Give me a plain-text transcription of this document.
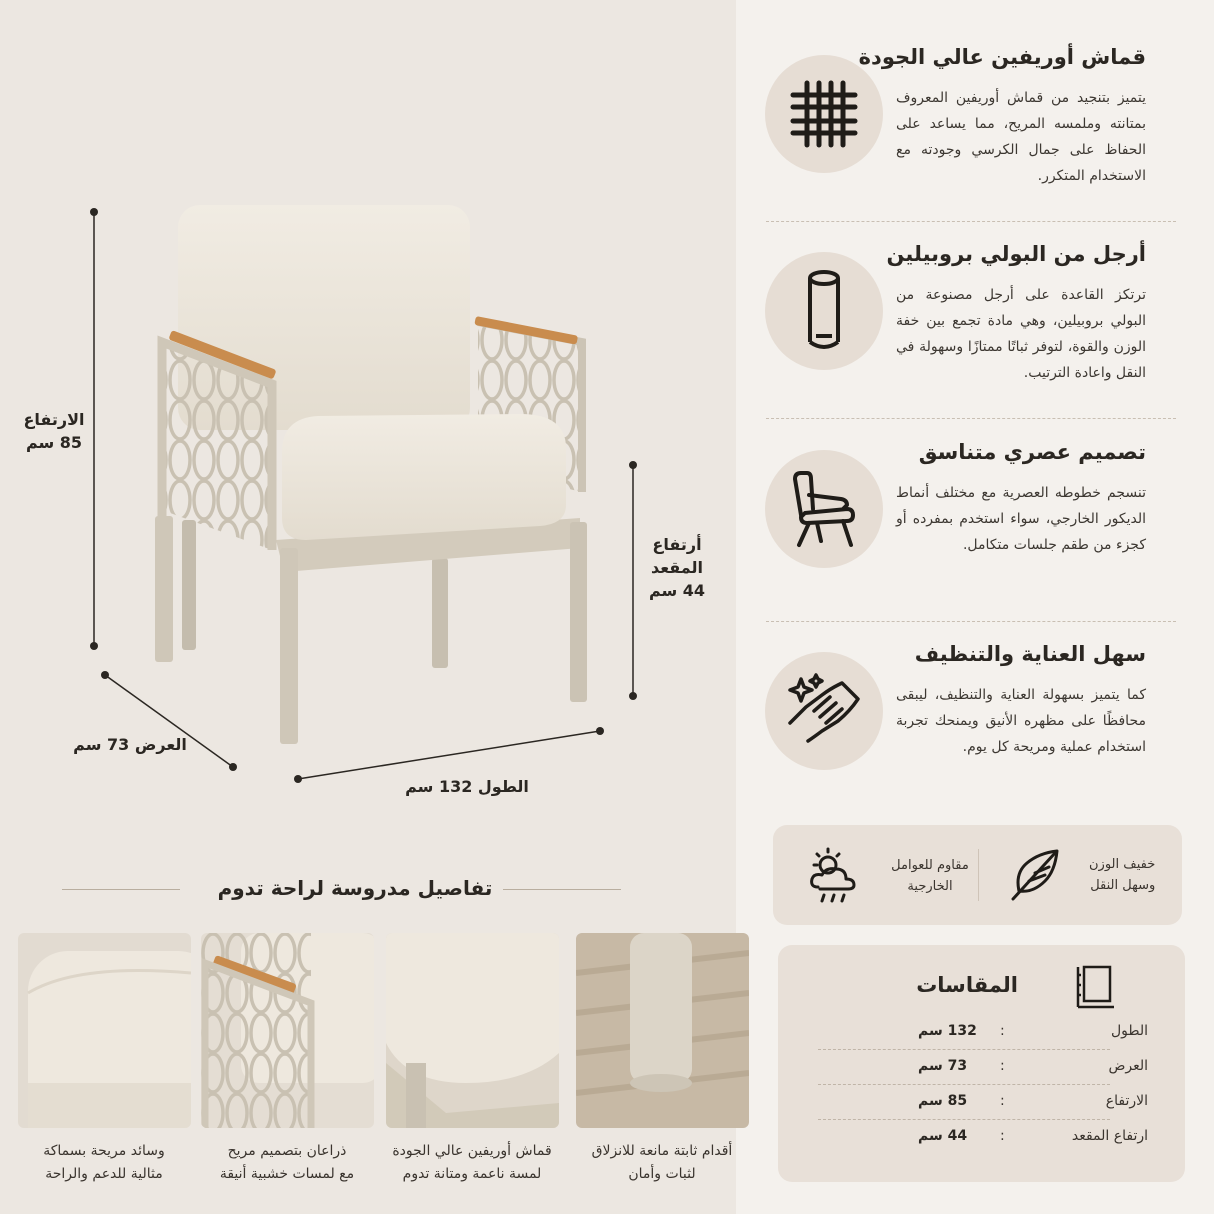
الارتفاع
85 سم
أرتفاع
المقعد
44 سم
العرض 73 سم
الطول 132 سم
تفاصيل مدروسة لراحة تدوم
أقدام ثابتة مانعة للانزلاق
لثبات وأمان
قماش أوريفين عالي الجودة
لمسة ناعمة ومتانة تدوم
ذراعان بتصميم مريح
مع لمسات خشبية أنيقة
وسائد مريحة بسماكة
مثالية للدعم والراحة
قماش أوريفين عالي الجودة
يتميز بتنجيد من قماش أوريفين المعروف بمتانته وملمسه المريح، مما يساعد على الحفاظ على جمال الكرسي وجودته مع الاستخدام المتكرر.
أرجل من البولي بروبيلين
ترتكز القاعدة على أرجل مصنوعة من البولي بروبيلين، وهي مادة تجمع بين خفة الوزن والقوة، لتوفر ثباتًا ممتازًا وسهولة في النقل واعادة الترتيب.
تصميم عصري متناسق
تنسجم خطوطه العصرية مع مختلف أنماط الديكور الخارجي، سواء استخدم بمفرده أو كجزء من طقم جلسات متكامل.
سهل العناية والتنظيف
كما يتميز بسهولة العناية والتنظيف، ليبقى محافظًا على مظهره الأنيق ويمنحك تجربة استخدام عملية ومريحة كل يوم.
خفيف الوزن
وسهل النقل
مقاوم للعوامل
الخارجية
المقاسات
الطول
:
132 سم
العرض
:
73 سم
الارتفاع
:
85 سم
ارتفاع المقعد
:
44 سم
